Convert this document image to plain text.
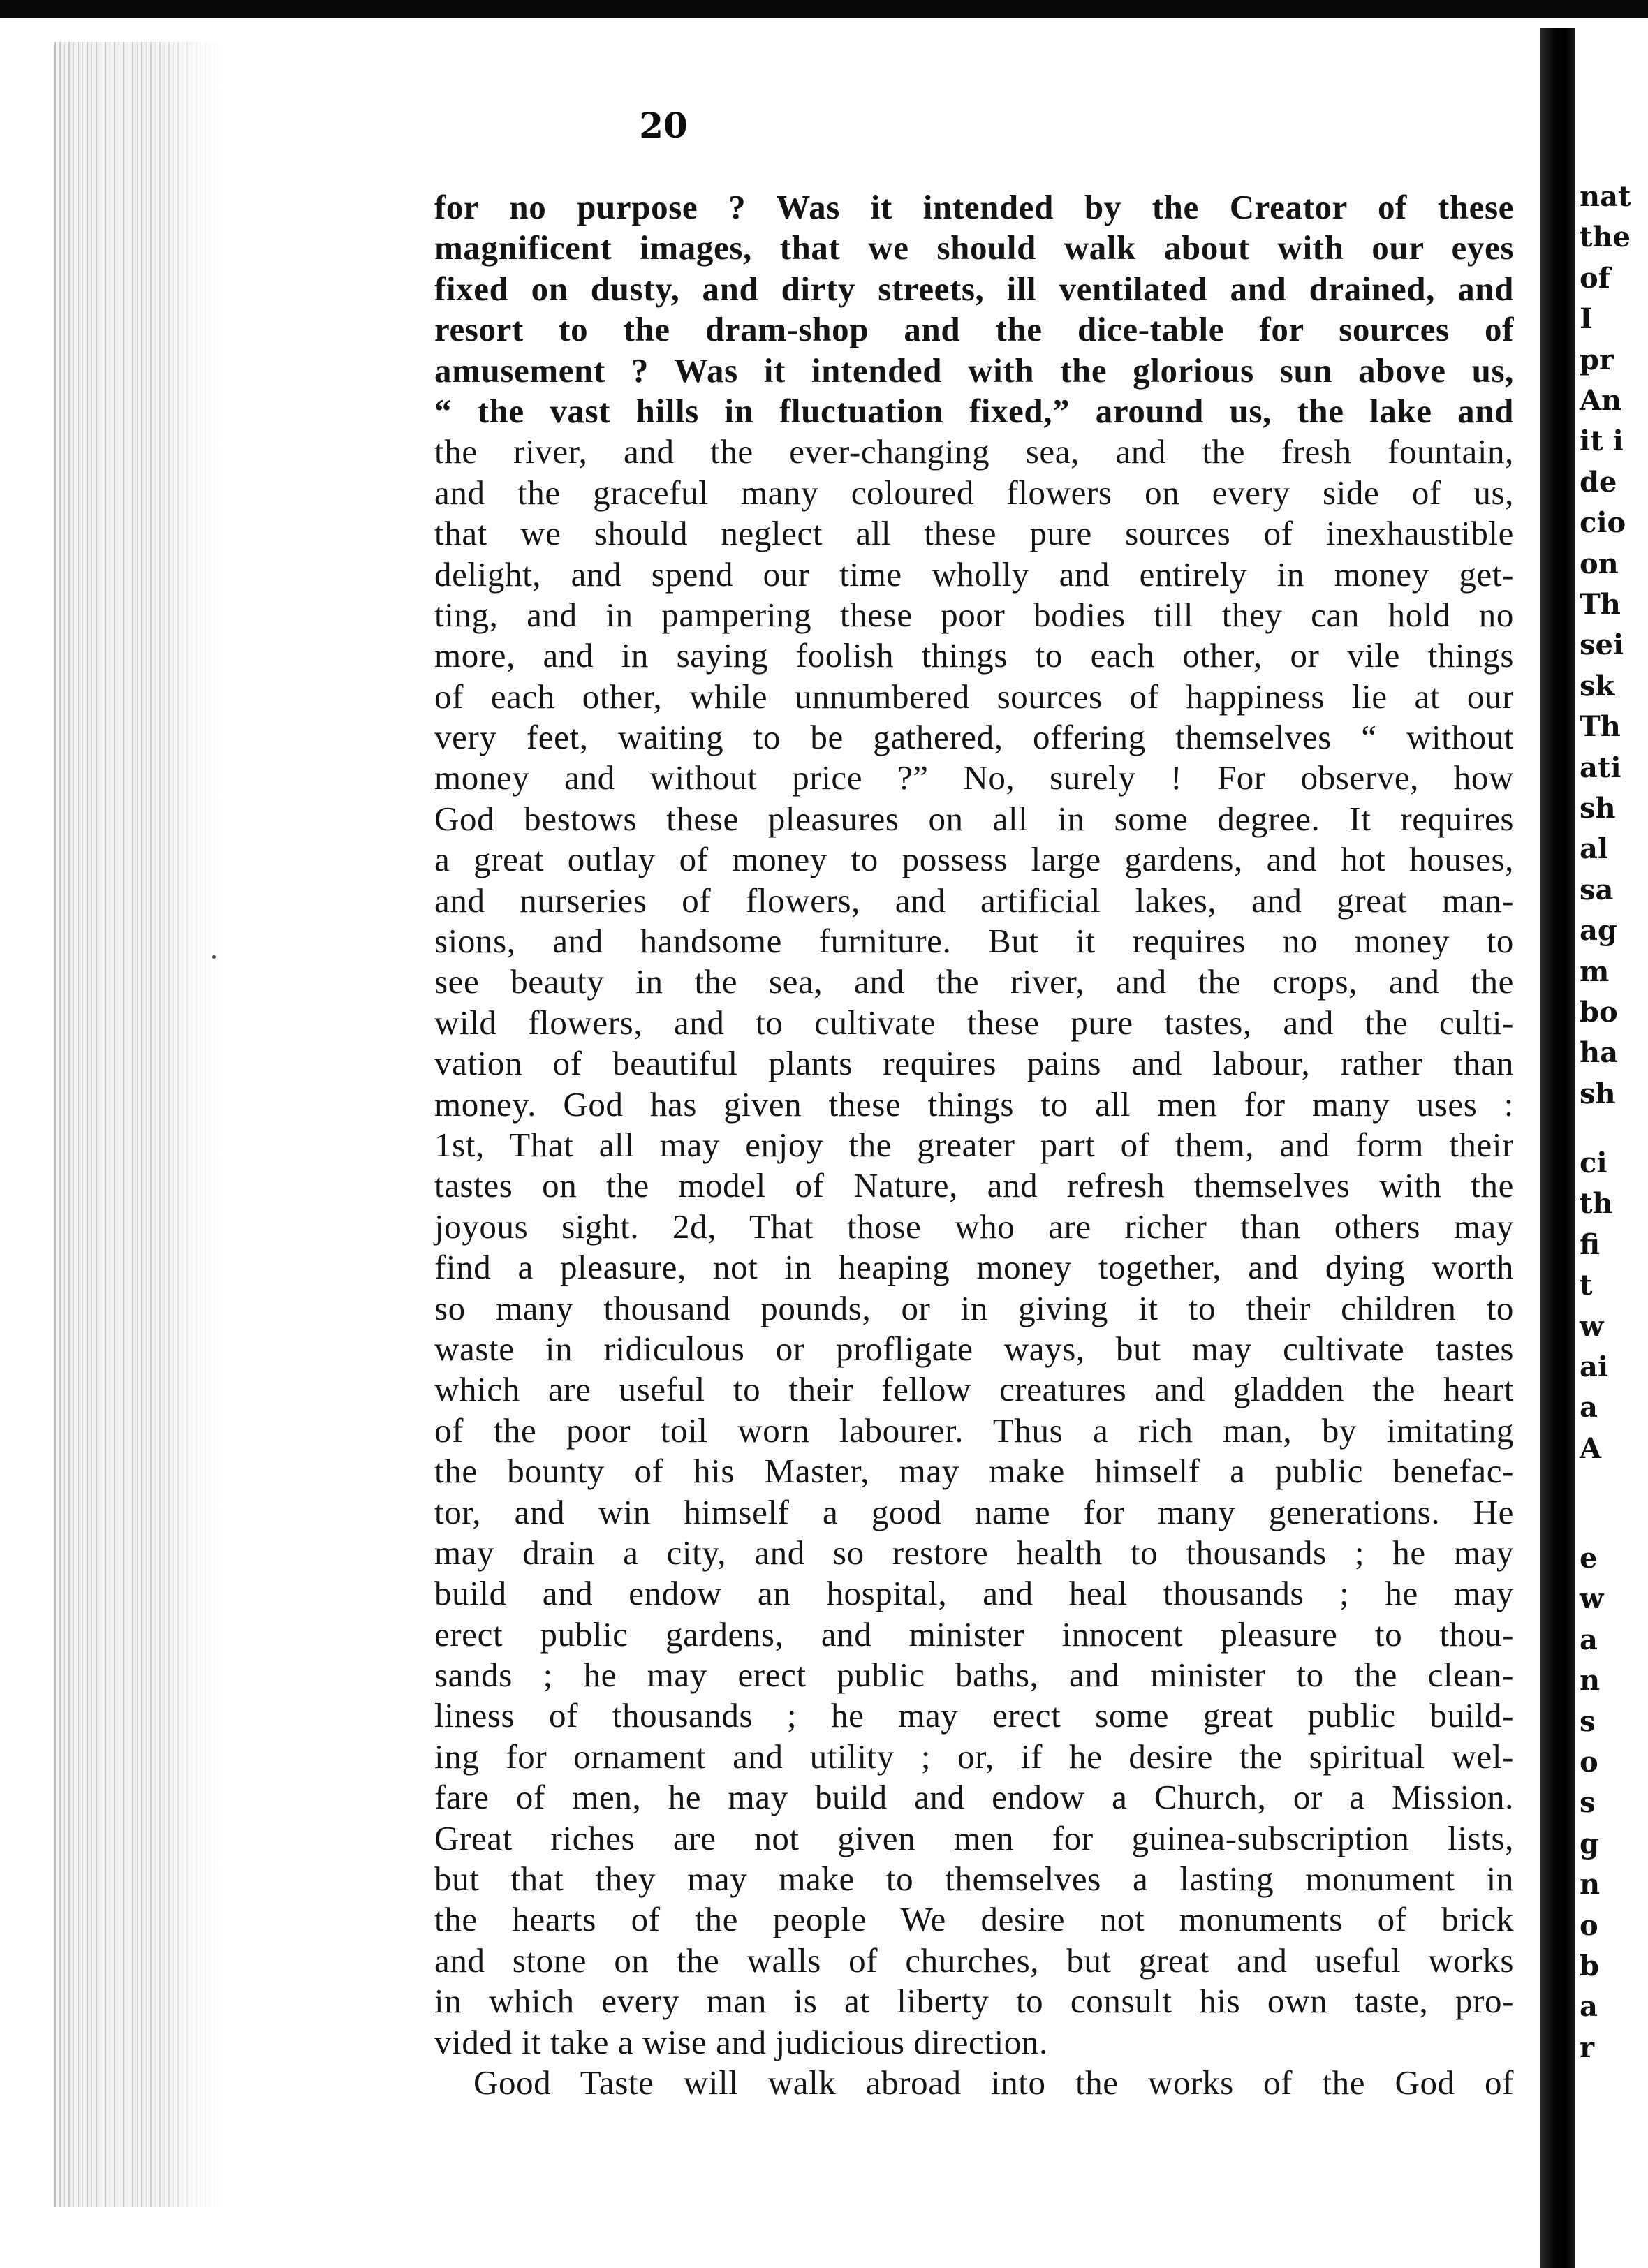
20
for no purpose ? Was it intended by the Creator of these
magnificent images, that we should walk about with our eyes
fixed on dusty, and dirty streets, ill ventilated and drained, and
resort to the dram-shop and the dice-table for sources of
amusement ? Was it intended with the glorious sun above us,
“ the vast hills in fluctuation fixed,” around us, the lake and
the river, and the ever-changing sea, and the fresh fountain,
and the graceful many coloured flowers on every side of us,
that we should neglect all these pure sources of inexhaustible
delight, and spend our time wholly and entirely in money get-
ting, and in pampering these poor bodies till they can hold no
more, and in saying foolish things to each other, or vile things
of each other, while unnumbered sources of happiness lie at our
very feet, waiting to be gathered, offering themselves “ without
money and without price ?” No, surely ! For observe, how
God bestows these pleasures on all in some degree. It requires
a great outlay of money to possess large gardens, and hot houses,
and nurseries of flowers, and artificial lakes, and great man-
sions, and handsome furniture. But it requires no money to
see beauty in the sea, and the river, and the crops, and the
wild flowers, and to cultivate these pure tastes, and the culti-
vation of beautiful plants requires pains and labour, rather than
money. God has given these things to all men for many uses :
1st, That all may enjoy the greater part of them, and form their
tastes on the model of Nature, and refresh themselves with the
joyous sight. 2d, That those who are richer than others may
find a pleasure, not in heaping money together, and dying worth
so many thousand pounds, or in giving it to their children to
waste in ridiculous or profligate ways, but may cultivate tastes
which are useful to their fellow creatures and gladden the heart
of the poor toil worn labourer. Thus a rich man, by imitating
the bounty of his Master, may make himself a public benefac-
tor, and win himself a good name for many generations. He
may drain a city, and so restore health to thousands ; he may
build and endow an hospital, and heal thousands ; he may
erect public gardens, and minister innocent pleasure to thou-
sands ; he may erect public baths, and minister to the clean-
liness of thousands ; he may erect some great public build-
ing for ornament and utility ; or, if he desire the spiritual wel-
fare of men, he may build and endow a Church, or a Mission.
Great riches are not given men for guinea-subscription lists,
but that they may make to themselves a lasting monument in
the hearts of the people We desire not monuments of brick
and stone on the walls of churches, but great and useful works
in which every man is at liberty to consult his own taste, pro-
vided it take a wise and judicious direction.
Good Taste will walk abroad into the works of the God of
nat
the
of
I
pr
An
it i
de
cio
on
Th
sei
sk
Th
ati
sh
al
sa
ag
m
bo
ha
sh
ci
th
fi
t
w
ai
a
A
e
w
a
n
s
o
s
g
n
o
b
a
r
